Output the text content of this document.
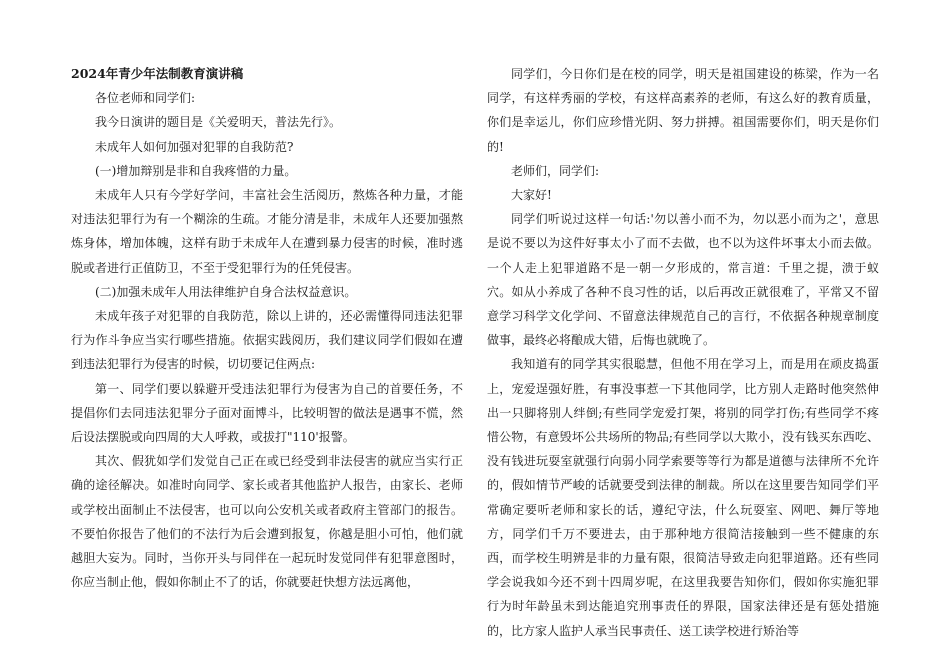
2024年青少年法制教育演讲稿

各位老师和同学们:

我今日演讲的题目是《关爱明天，普法先行》。

未成年人如何加强对犯罪的自我防范?

(一)增加辩别是非和自我疼惜的力量。

未成年人只有今学好学问，丰富社会生活阅历，熬炼各种力量，才能对违法犯罪行为有一个糊涂的生疏。才能分清是非，未成年人还要加强熬炼身体，增加体魄，这样有助于未成年人在遭到暴力侵害的时候，准时逃脱或者进行正值防卫，不至于受犯罪行为的任凭侵害。

(二)加强未成年人用法律维护自身合法权益意识。

未成年孩子对犯罪的自我防范，除以上讲的，还必需懂得同违法犯罪行为作斗争应当实行哪些措施。依据实践阅历，我们建议同学们假如在遭到违法犯罪行为侵害的时候，切切要记住两点:

第一、同学们要以躲避开受违法犯罪行为侵害为自己的首要任务，不提倡你们去同违法犯罪分子面对面博斗，比较明智的做法是遇事不慌，然后设法摆脱或向四周的大人呼救，或拔打"110'报警。

其次、假犹如学们发觉自己正在或已经受到非法侵害的就应当实行正确的途径解决。如准时向同学、家长或者其他监护人报告，由家长、老师或学校出面制止不法侵害，也可以向公安机关或者政府主管部门的报告。不要怕你报告了他们的不法行为后会遭到报复，你越是胆小可怕，他们就越胆大妄为。同时，当你开头与同伴在一起玩时发觉同伴有犯罪意图时，你应当制止他，假如你制止不了的话，你就要赶快想方法远离他，

同学们，今日你们是在校的同学，明天是祖国建设的栋梁，作为一名同学，有这样秀丽的学校，有这样高素养的老师，有这么好的教育质量，你们是幸运儿，你们应珍惜光阴、努力拼搏。祖国需要你们，明天是你们的!

老师们，同学们:

大家好!

同学们听说过这样一句话:'勿以善小而不为，勿以恶小而为之'，意思是说不要以为这件好事太小了而不去做，也不以为这件坏事太小而去做。一个人走上犯罪道路不是一朝一夕形成的，常言道：千里之提，溃于蚁穴。如从小养成了各种不良习性的话，以后再改正就很难了，平常又不留意学习科学文化学问、不留意法律规范自己的言行，不依据各种规章制度做事，最终必将酿成大错，后悔也就晚了。

我知道有的同学其实很聪慧，但他不用在学习上，而是用在顽皮捣蛋上，宠爱逞强好胜，有事没事惹一下其他同学，比方别人走路时他突然伸出一只脚将别人绊倒;有些同学宠爱打架，将别的同学打伤;有些同学不疼惜公物，有意毁坏公共场所的物品;有些同学以大欺小，没有钱买东西吃、没有钱进玩耍室就强行向弱小同学索要等等行为都是道德与法律所不允许的，假如情节严峻的话就要受到法律的制裁。所以在这里要告知同学们平常确定要听老师和家长的话，遵纪守法，什么玩耍室、网吧、舞厅等地方，同学们千万不要进去，由于那种地方很简洁接触到一些不健康的东西，而学校生明辨是非的力量有限，很简洁导致走向犯罪道路。还有些同学会说我如今还不到十四周岁呢，在这里我要告知你们，假如你实施犯罪行为时年龄虽未到达能追究刑事责任的界限，国家法律还是有惩处措施的，比方家人监护人承当民事责任、送工读学校进行矫治等
